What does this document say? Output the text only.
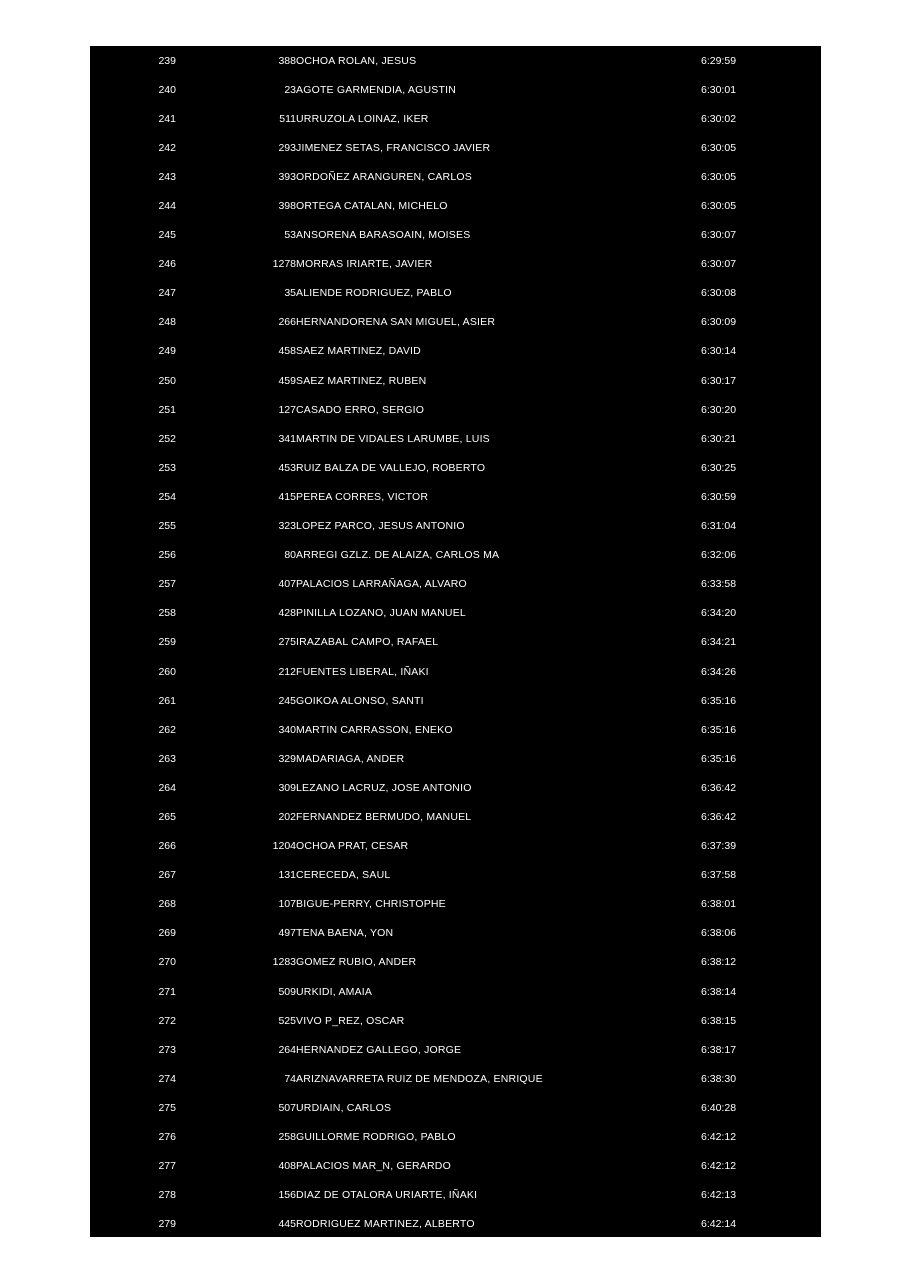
239	388	OCHOA ROLAN, JESUS	6:29:59
240	23	AGOTE GARMENDIA, AGUSTIN	6:30:01
241	511	URRUZOLA LOINAZ, IKER	6:30:02
242	293	JIMENEZ SETAS, FRANCISCO JAVIER	6:30:05
243	393	ORDOÑEZ ARANGUREN, CARLOS	6:30:05
244	398	ORTEGA CATALAN, MICHELO	6:30:05
245	53	ANSORENA BARASOAIN, MOISES	6:30:07
246	1278	MORRAS IRIARTE, JAVIER	6:30:07
247	35	ALIENDE RODRIGUEZ, PABLO	6:30:08
248	266	HERNANDORENA SAN MIGUEL, ASIER	6:30:09
249	458	SAEZ MARTINEZ, DAVID	6:30:14
250	459	SAEZ MARTINEZ, RUBEN	6:30:17
251	127	CASADO ERRO, SERGIO	6:30:20
252	341	MARTIN DE VIDALES LARUMBE, LUIS	6:30:21
253	453	RUIZ BALZA DE VALLEJO, ROBERTO	6:30:25
254	415	PEREA CORRES, VICTOR	6:30:59
255	323	LOPEZ PARCO, JESUS ANTONIO	6:31:04
256	80	ARREGI GZLZ. DE ALAIZA, CARLOS MA	6:32:06
257	407	PALACIOS LARRAÑAGA, ALVARO	6:33:58
258	428	PINILLA LOZANO, JUAN MANUEL	6:34:20
259	275	IRAZABAL CAMPO, RAFAEL	6:34:21
260	212	FUENTES LIBERAL, IÑAKI	6:34:26
261	245	GOIKOA ALONSO, SANTI	6:35:16
262	340	MARTIN CARRASSON, ENEKO	6:35:16
263	329	MADARIAGA, ANDER	6:35:16
264	309	LEZANO LACRUZ, JOSE ANTONIO	6:36:42
265	202	FERNANDEZ BERMUDO, MANUEL	6:36:42
266	1204	OCHOA PRAT, CESAR	6:37:39
267	131	CERECEDA, SAUL	6:37:58
268	107	BIGUE-PERRY, CHRISTOPHE	6:38:01
269	497	TENA BAENA, YON	6:38:06
270	1283	GOMEZ RUBIO, ANDER	6:38:12
271	509	URKIDI, AMAIA	6:38:14
272	525	VIVO P_REZ, OSCAR	6:38:15
273	264	HERNANDEZ GALLEGO, JORGE	6:38:17
274	74	ARIZNAVARRETA RUIZ DE MENDOZA, ENRIQUE	6:38:30
275	507	URDIAIN, CARLOS	6:40:28
276	258	GUILLORME RODRIGO, PABLO	6:42:12
277	408	PALACIOS MAR_N, GERARDO	6:42:12
278	156	DIAZ DE OTALORA URIARTE, IÑAKI	6:42:13
279	445	RODRIGUEZ MARTINEZ, ALBERTO	6:42:14
